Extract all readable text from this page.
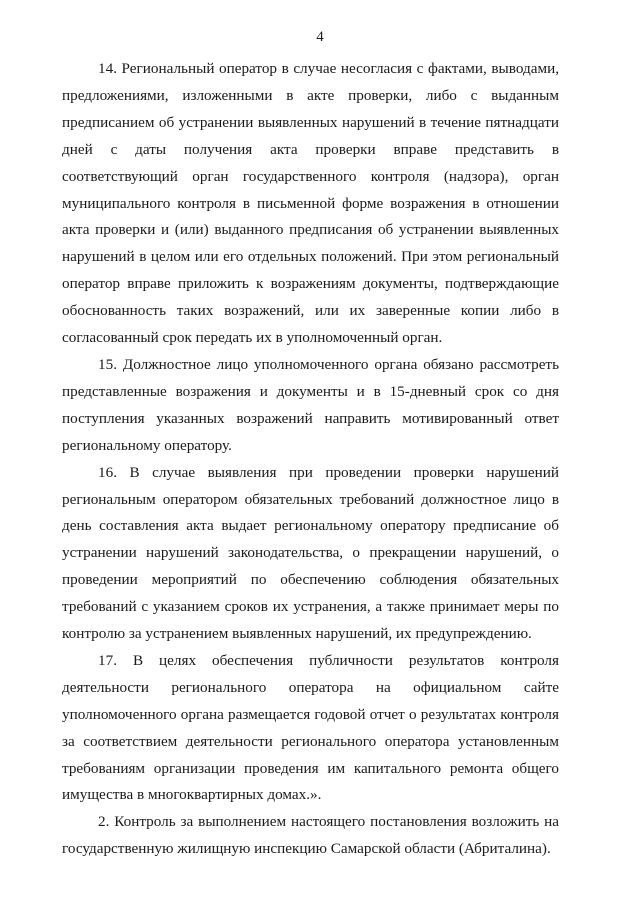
4

14. Региональный оператор в случае несогласия с фактами, выводами, предложениями, изложенными в акте проверки, либо с выданным предписанием об устранении выявленных нарушений в течение пятнадцати дней с даты получения акта проверки вправе представить в соответствующий орган государственного контроля (надзора), орган муниципального контроля в письменной форме возражения в отношении акта проверки и (или) выданного предписания об устранении выявленных нарушений в целом или его отдельных положений. При этом региональный оператор вправе приложить к возражениям документы, подтверждающие обоснованность таких возражений, или их заверенные копии либо в согласованный срок передать их в уполномоченный орган.

15. Должностное лицо уполномоченного органа обязано рассмотреть представленные возражения и документы и в 15-дневный срок со дня поступления указанных возражений направить мотивированный ответ региональному оператору.

16. В случае выявления при проведении проверки нарушений региональным оператором обязательных требований должностное лицо в день составления акта выдает региональному оператору предписание об устранении нарушений законодательства, о прекращении нарушений, о проведении мероприятий по обеспечению соблюдения обязательных требований с указанием сроков их устранения, а также принимает меры по контролю за устранением выявленных нарушений, их предупреждению.

17. В целях обеспечения публичности результатов контроля деятельности регионального оператора на официальном сайте уполномоченного органа размещается годовой отчет о результатах контроля за соответствием деятельности регионального оператора установленным требованиям организации проведения им капитального ремонта общего имущества в многоквартирных домах.».

2. Контроль за выполнением настоящего постановления возложить на государственную жилищную инспекцию Самарской области (Абриталина).
